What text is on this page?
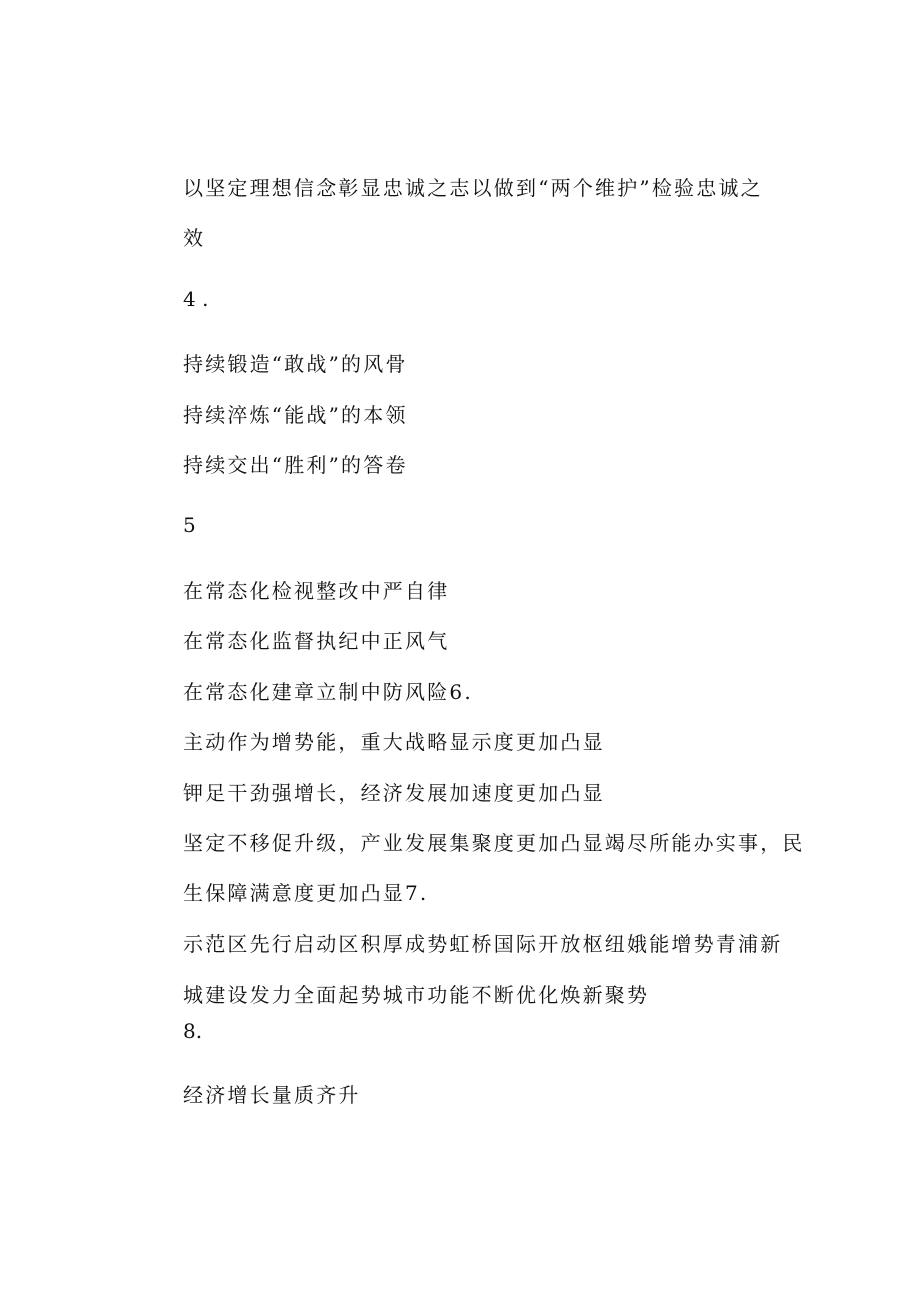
以坚定理想信念彰显忠诚之志以做到“两个维护”检验忠诚之
效
4 .
持续锻造“敢战”的风骨
持续淬炼“能战”的本领
持续交出“胜利”的答卷
5
在常态化检视整改中严自律
在常态化监督执纪中正风气
在常态化建章立制中防风险6.
主动作为增势能，重大战略显示度更加凸显
钾足干劲强增长，经济发展加速度更加凸显
坚定不移促升级，产业发展集聚度更加凸显竭尽所能办实事，民
生保障满意度更加凸显7.
示范区先行启动区积厚成势虹桥国际开放枢纽娥能增势青浦新
城建设发力全面起势城市功能不断优化焕新聚势
8.
经济增长量质齐升
